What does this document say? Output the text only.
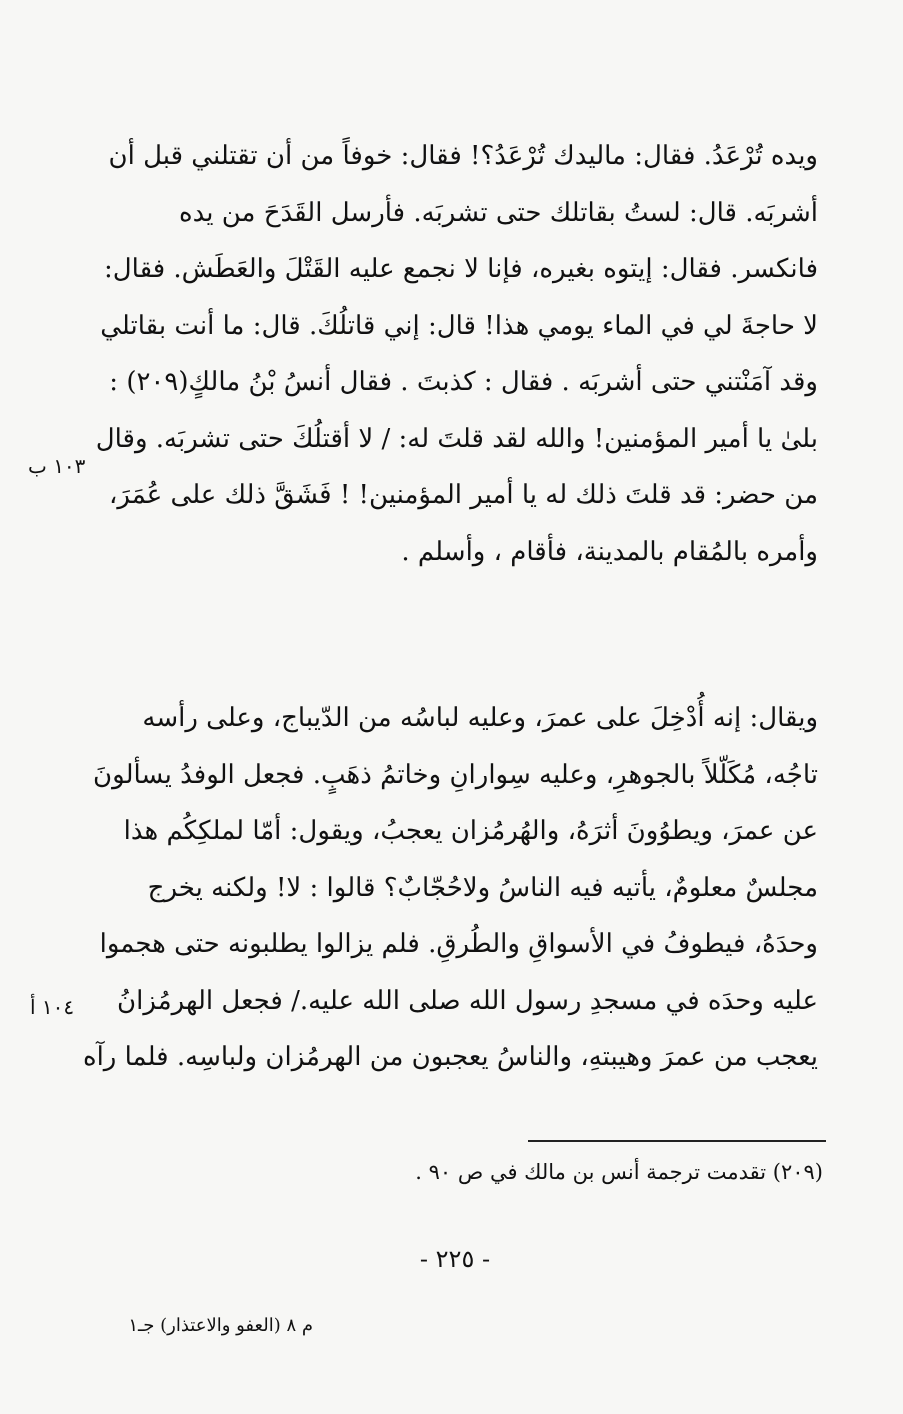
ويده تُرْعَدُ. فقال: ماليدك تُرْعَدُ؟! فقال: خوفاً من أن تقتلني قبل أن
أشربَه. قال: لستُ بقاتلك حتى تشربَه. فأرسل القَدَحَ من يده
فانكسر. فقال: إيتوه بغيره، فإنا لا نجمع عليه القَتْلَ والعَطَش. فقال:
لا حاجةَ لي في الماء يومي هذا! قال: إني قاتلُكَ. قال: ما أنت بقاتلي
وقد آمَنْتني حتى أشربَه . فقال : كذبتَ . فقال أنسُ بْنُ مالكٍ(٢٠٩) :
بلىٰ يا أمير المؤمنين! والله لقد قلتَ له: / لا أقتلُكَ حتى تشربَه. وقال
من حضر: قد قلتَ ذلك له يا أمير المؤمنين! ! فَشَقَّ ذلك على عُمَرَ،
وأمره بالمُقام بالمدينة، فأقام ، وأسلم .
١٠٣ ب
ويقال: إنه أُدْخِلَ على عمرَ، وعليه لباسُه من الدّيباج، وعلى رأسه
تاجُه، مُكَلّلاً بالجوهرِ، وعليه سِوارانِ وخاتمُ ذهَبٍ. فجعل الوفدُ يسألونَ
عن عمرَ، ويطوُونَ أثرَهُ، والهُرمُزان يعجبُ، ويقول: أمّا لملكِكُم هذا
مجلسٌ معلومٌ، يأتيه فيه الناسُ ولاحُجّابٌ؟ قالوا : لا! ولكنه يخرج
وحدَهُ، فيطوفُ في الأسواقِ والطُرقِ. فلم يزالوا يطلبونه حتى هجموا
عليه وحدَه في مسجدِ رسول الله صلى الله عليه./ فجعل الهرمُزانُ
يعجب من عمرَ وهيبتهِ، والناسُ يعجبون من الهرمُزان ولباسِه. فلما رآه
١٠٤ أ
(٢٠٩) تقدمت ترجمة أنس بن مالك في ص ٩٠ .
- ٢٢٥ -
م ٨ (العفو والاعتذار) جـ١
